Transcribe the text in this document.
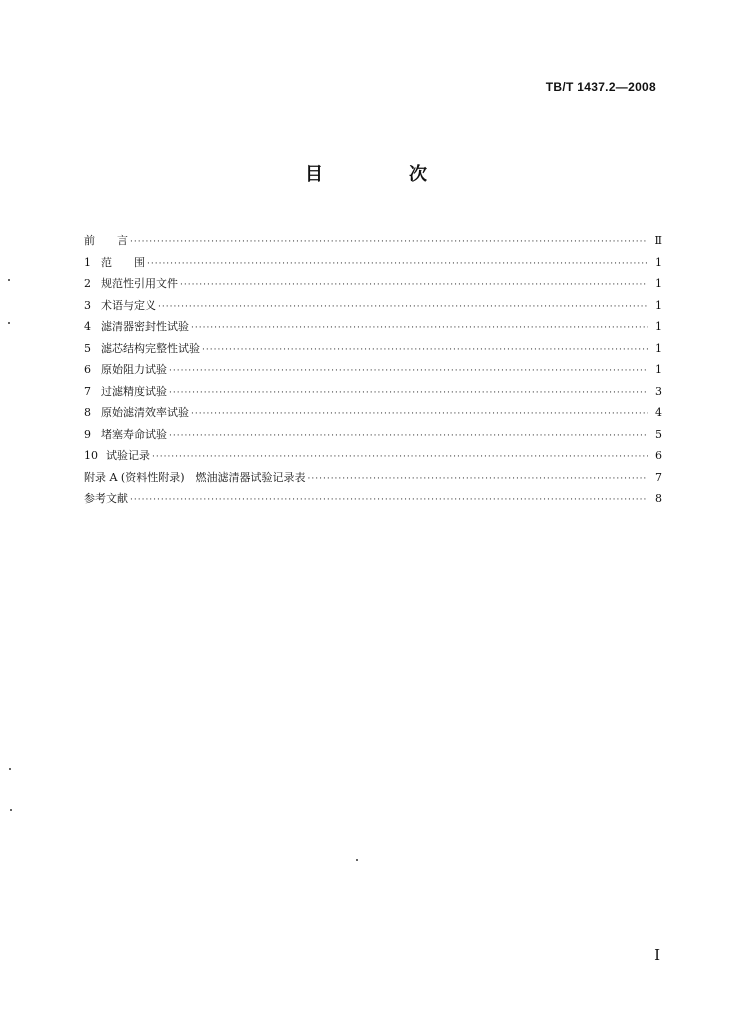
TB/T 1437.2—2008
目　次
前　　言 ·····	Ⅱ
1 范　　围 ·····	1
2 规范性引用文件 ·····	1
3 术语与定义 ·····	1
4 滤清器密封性试验 ·····	1
5 滤芯结构完整性试验 ·····	1
6 原始阻力试验 ·····	1
7 过滤精度试验 ·····	3
8 原始滤清效率试验 ·····	4
9 堵塞寿命试验 ·····	5
10 试验记录 ·····	6
附录 A (资料性附录)　燃油滤清器试验记录表 ·····	7
参考文献 ·····	8
I
